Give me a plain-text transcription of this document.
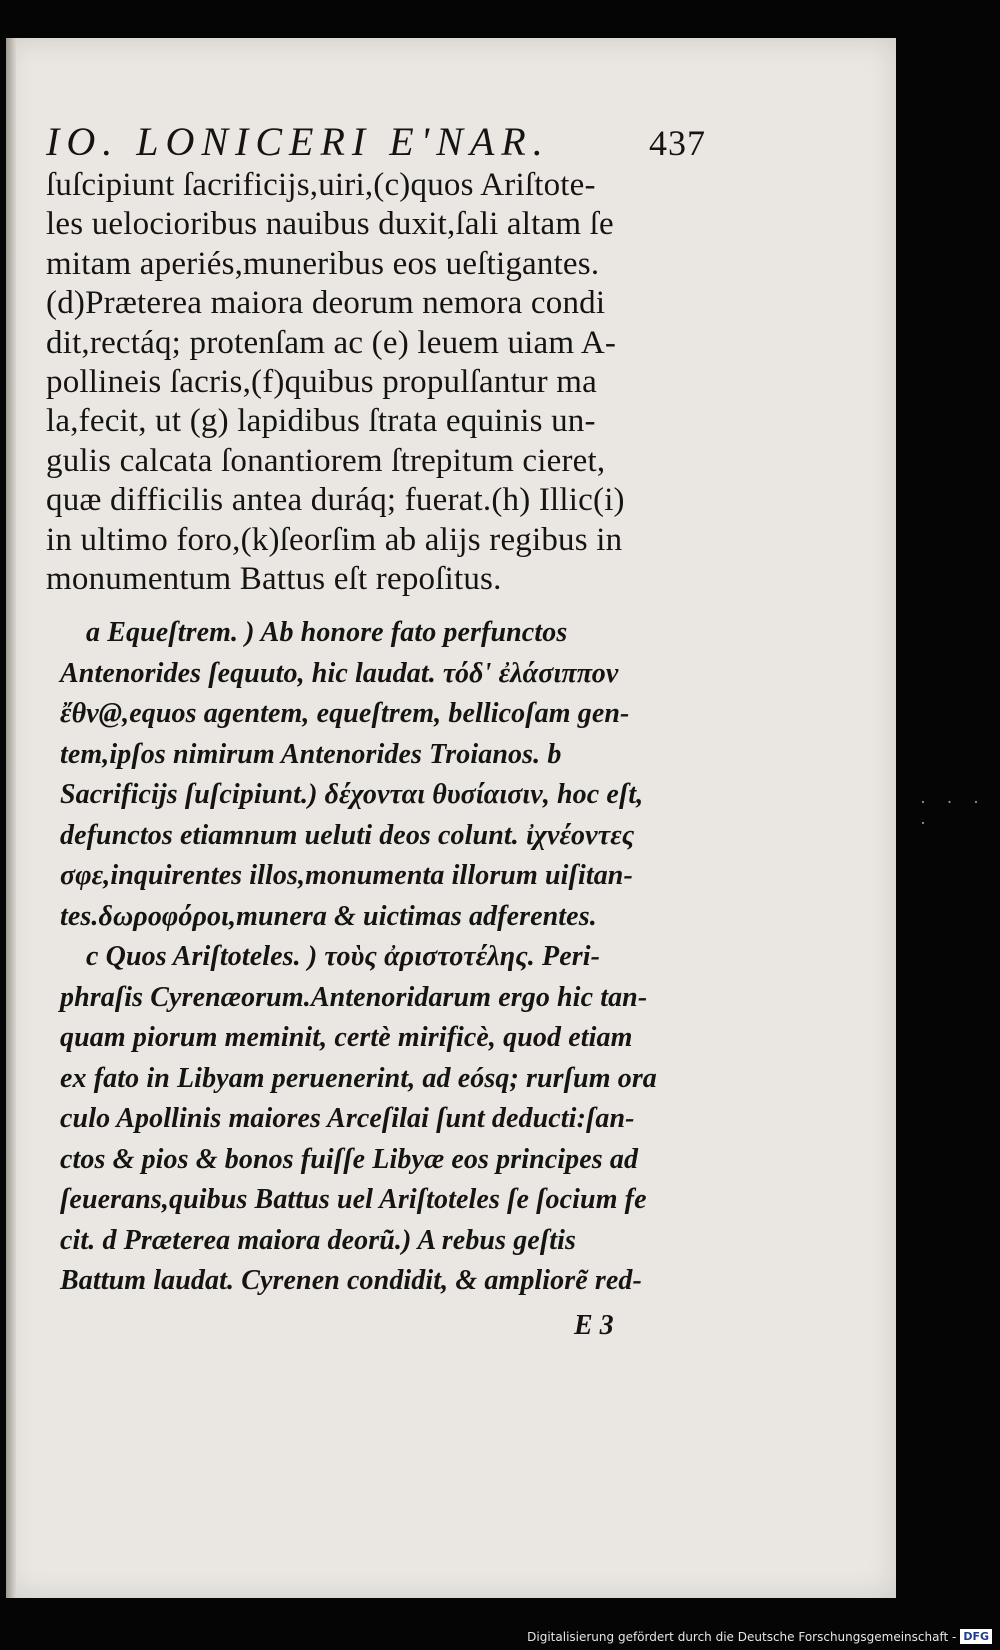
IO. LONICERI E'NAR.	437
ſuſcipiunt ſacrificijs,uiri,(c)quos Ariſtote-
les uelocioribus nauibus duxit,ſali altam ſe
mitam aperiés,muneribus eos ueſtigantes.
(d)Præterea maiora deorum nemora condi
dit,rectáq; protenſam ac (e) leuem uiam A-
pollineis ſacris,(f)quibus propulſantur ma
la,fecit, ut (g) lapidibus ſtrata equinis un-
gulis calcata ſonantiorem ſtrepitum cieret,
quæ difficilis antea duráq; fuerat.(h) Illic(i)
in ultimo foro,(k)ſeorſim ab alijs regibus in
monumentum Battus eſt repoſitus.
a Equeſtrem. ) Ab honore fato perfunctos
Antenorides ſequuto, hic laudat. τόδ' ἐλάσιππον
ἔθν@,equos agentem, equeſtrem, bellicoſam gen-
tem,ipſos nimirum Antenorides Troianos. b
Sacrificijs ſuſcipiunt.) δέχονται θυσίαισιν, hoc eſt,
defunctos etiamnum ueluti deos colunt. ἰχνέοντες
σφε,inquirentes illos,monumenta illorum uiſitan-
tes.δωροφόροι,munera & uictimas adferentes.
c Quos Ariſtoteles. ) τοὺς ἀριστοτέλης. Peri-
phraſis Cyrenæorum.Antenoridarum ergo hic tan-
quam piorum meminit, certè mirificè, quod etiam
ex fato in Libyam peruenerint, ad eósq; rurſum ora
culo Apollinis maiores Arceſilai ſunt deducti:ſan-
ctos & pios & bonos fuiſſe Libyæ eos principes ad
ſeuerans,quibus Battus uel Ariſtoteles ſe ſocium fe
cit. d Præterea maiora deorũ.) A rebus geſtis
Battum laudat. Cyrenen condidit, & ampliorẽ red-
E 3
· · · ·
Digitalisierung gefördert durch die Deutsche Forschungsgemeinschaft - DFG
